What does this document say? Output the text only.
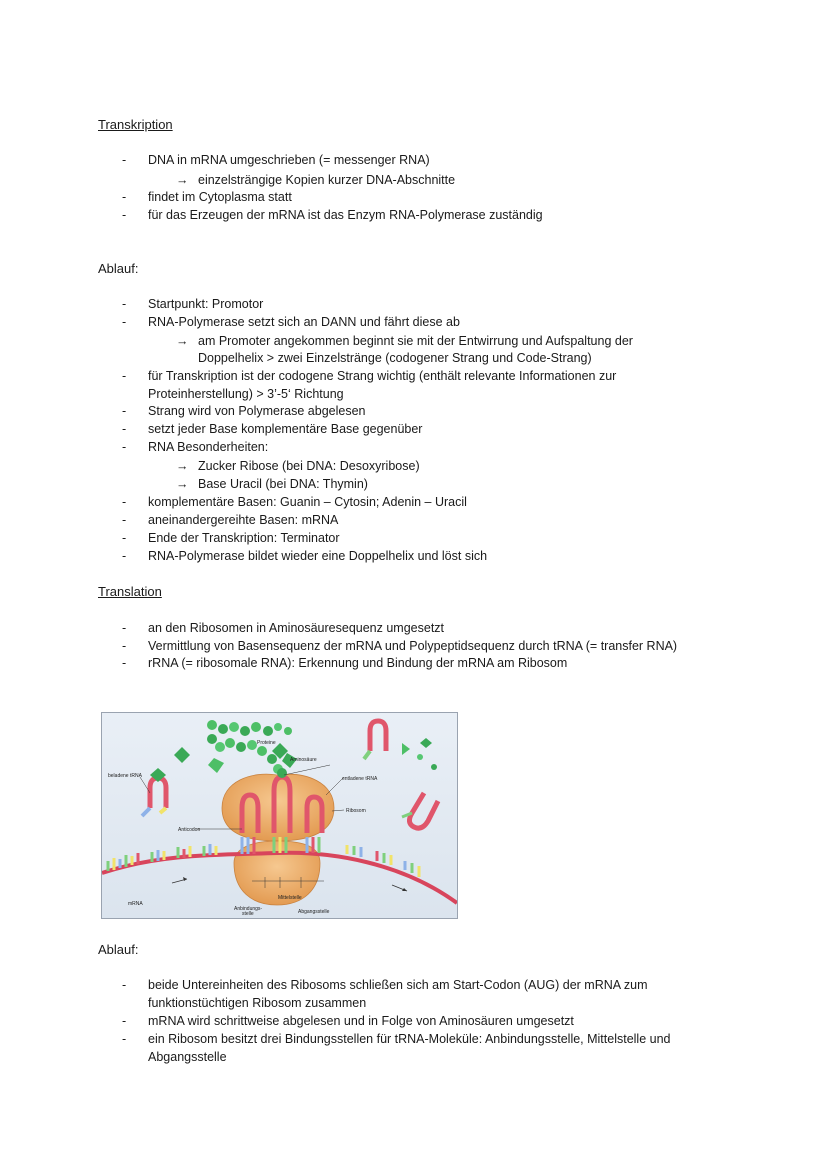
Transkription
- DNA in mRNA umgeschrieben (= messenger RNA)
→ einzelsträngige Kopien kurzer DNA-Abschnitte
- findet im Cytoplasma statt
- für das Erzeugen der mRNA ist das Enzym RNA-Polymerase zuständig
Ablauf:
- Startpunkt: Promotor
- RNA-Polymerase setzt sich an DANN und fährt diese ab
→ am Promoter angekommen beginnt sie mit der Entwirrung und Aufspaltung der
Doppelhelix > zwei Einzelstränge (codogener Strang und Code-Strang)
- für Transkription ist der codogene Strang wichtig (enthält relevante Informationen zur
Proteinherstellung) > 3’-5‘ Richtung
- Strang wird von Polymerase abgelesen
- setzt jeder Base komplementäre Base gegenüber
- RNA Besonderheiten:
→ Zucker Ribose (bei DNA: Desoxyribose)
→ Base Uracil (bei DNA: Thymin)
- komplementäre Basen: Guanin – Cytosin; Adenin – Uracil
- aneinandergereihte Basen: mRNA
- Ende der Transkription: Terminator
- RNA-Polymerase bildet wieder eine Doppelhelix und löst sich
Translation
- an den Ribosomen in Aminosäuresequenz umgesetzt
- Vermittlung von Basensequenz der mRNA und Polypeptidsequenz durch tRNA (= transfer RNA)
- rRNA (= ribosomale RNA): Erkennung und Bindung der mRNA am Ribosom
Proteine
Aminosäure
beladene tRNA	entladene tRNA
Ribosom
Anticodon
mRNA
Mittelstelle
Anbindungs-
stelle	Abgangsstelle
Ablauf:
- beide Untereinheiten des Ribosoms schließen sich am Start-Codon (AUG) der mRNA zum
funktionstüchtigen Ribosom zusammen
- mRNA wird schrittweise abgelesen und in Folge von Aminosäuren umgesetzt
- ein Ribosom besitzt drei Bindungsstellen für tRNA-Moleküle: Anbindungsstelle, Mittelstelle und
Abgangsstelle
